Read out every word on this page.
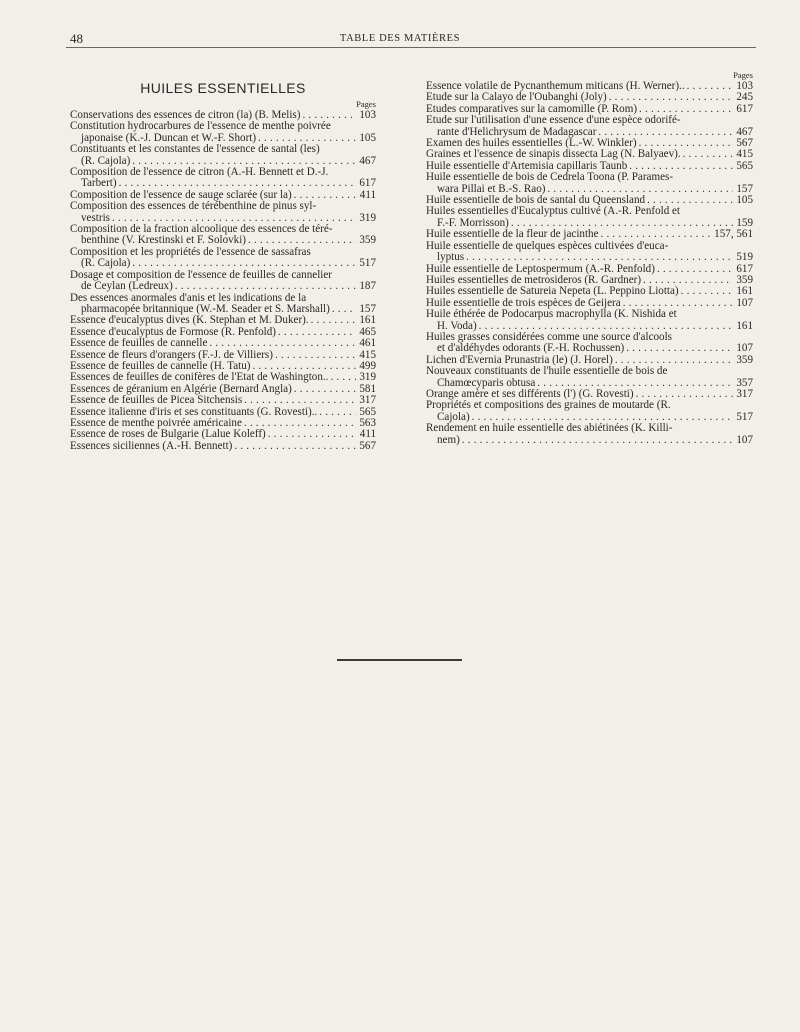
48	TABLE DES MATIÈRES
HUILES ESSENTIELLES
Pages
Conservations des essences de citron (la) (B. Melis) . . .	103
Constitution hydrocarbures de l'essence de menthe poivrée
japonaise (K.-J. Duncan et W.-F. Short) . . .	105
Constituants et les constantes de l'essence de santal (les)
(R. Cajola) . . .	467
Composition de l'essence de citron (A.-H. Bennett et D.-J.
Tarbert) . . .	617
Composition de l'essence de sauge sclarée (sur la) . . .	411
Composition des essences de térébenthine de pinus syl-
vestris . . .	319
Composition de la fraction alcoolique des essences de téré-
benthine (V. Krestinski et F. Solovki) . . .	359
Composition et les propriétés de l'essence de sassafras
(R. Cajola) . . .	517
Dosage et composition de l'essence de feuilles de cannelier
de Ceylan (Ledreux) . . .	187
Des essences anormales d'anis et les indications de la
pharmacopée britannique (W.-M. Seader et S. Marshall) . . .	157
Essence d'eucalyptus dives (K. Stephan et M. Duker). . . .	161
Essence d'eucalyptus de Formose (R. Penfold) . . .	465
Essence de feuilles de cannelle . . .	461
Essence de fleurs d'orangers (F.-J. de Villiers) . . .	415
Essence de feuilles de cannelle (H. Tatu) . . .	499
Essences de feuilles de conifères de l'Etat de Washington.. . . .	319
Essences de géranium en Algérie (Bernard Angla) . . .	581
Essence de feuilles de Picea Sitchensis . . .	317
Essence italienne d'iris et ses constituants (G. Rovesti).. . . .	565
Essence de menthe poivrée américaine . . .	563
Essence de roses de Bulgarie (Lalue Koleff) . . .	411
Essences siciliennes (A.-H. Bennett) . . .	567
Pages
Essence volatile de Pycnanthemum miticans (H. Werner).. . . .	103
Etude sur la Calayo de l'Oubanghi (Joly) . . .	245
Etudes comparatives sur la camomille (P. Rom) . . .	617
Etude sur l'utilisation d'une essence d'une espèce odorifé-
rante d'Helichrysum de Madagascar . . .	467
Examen des huiles essentielles (L.-W. Winkler) . . .	567
Graines et l'essence de sinapis dissecta Lag (N. Balyaev). . . .	415
Huile essentielle d'Artemisia capillaris Taunb . . .	565
Huile essentielle de bois de Cedrela Toona (P. Parames-
wara Pillai et B.-S. Rao) . . .	157
Huile essentielle de bois de santal du Queensland . . .	105
Huiles essentielles d'Eucalyptus cultivé (A.-R. Penfold et
F.-F. Morrisson) . . .	159
Huile essentielle de la fleur de jacinthe . . .	157, 561
Huile essentielle de quelques espèces cultivées d'euca-
lyptus . . .	519
Huile essentielle de Leptospermum (A.-R. Penfold) . . .	617
Huiles essentielles de metrosideros (R. Gardner) . . .	359
Huiles essentielle de Satureia Nepeta (L. Peppino Liotta) . . .	161
Huile essentielle de trois espèces de Geijera . . .	107
Huile éthérée de Podocarpus macrophylla (K. Nishida et
H. Voda) . . .	161
Huiles grasses considérées comme une source d'alcools
et d'aldéhydes odorants (F.-H. Rochussen) . . .	107
Lichen d'Evernia Prunastria (le) (J. Horel) . . .	359
Nouveaux constituants de l'huile essentielle de bois de
Chamœcyparis obtusa . . .	357
Orange amère et ses différents (l') (G. Rovesti) . . .	317
Propriétés et compositions des graines de moutarde (R.
Cajola) . . .	517
Rendement en huile essentielle des abiétinées (K. Killi-
nem) . . .	107
